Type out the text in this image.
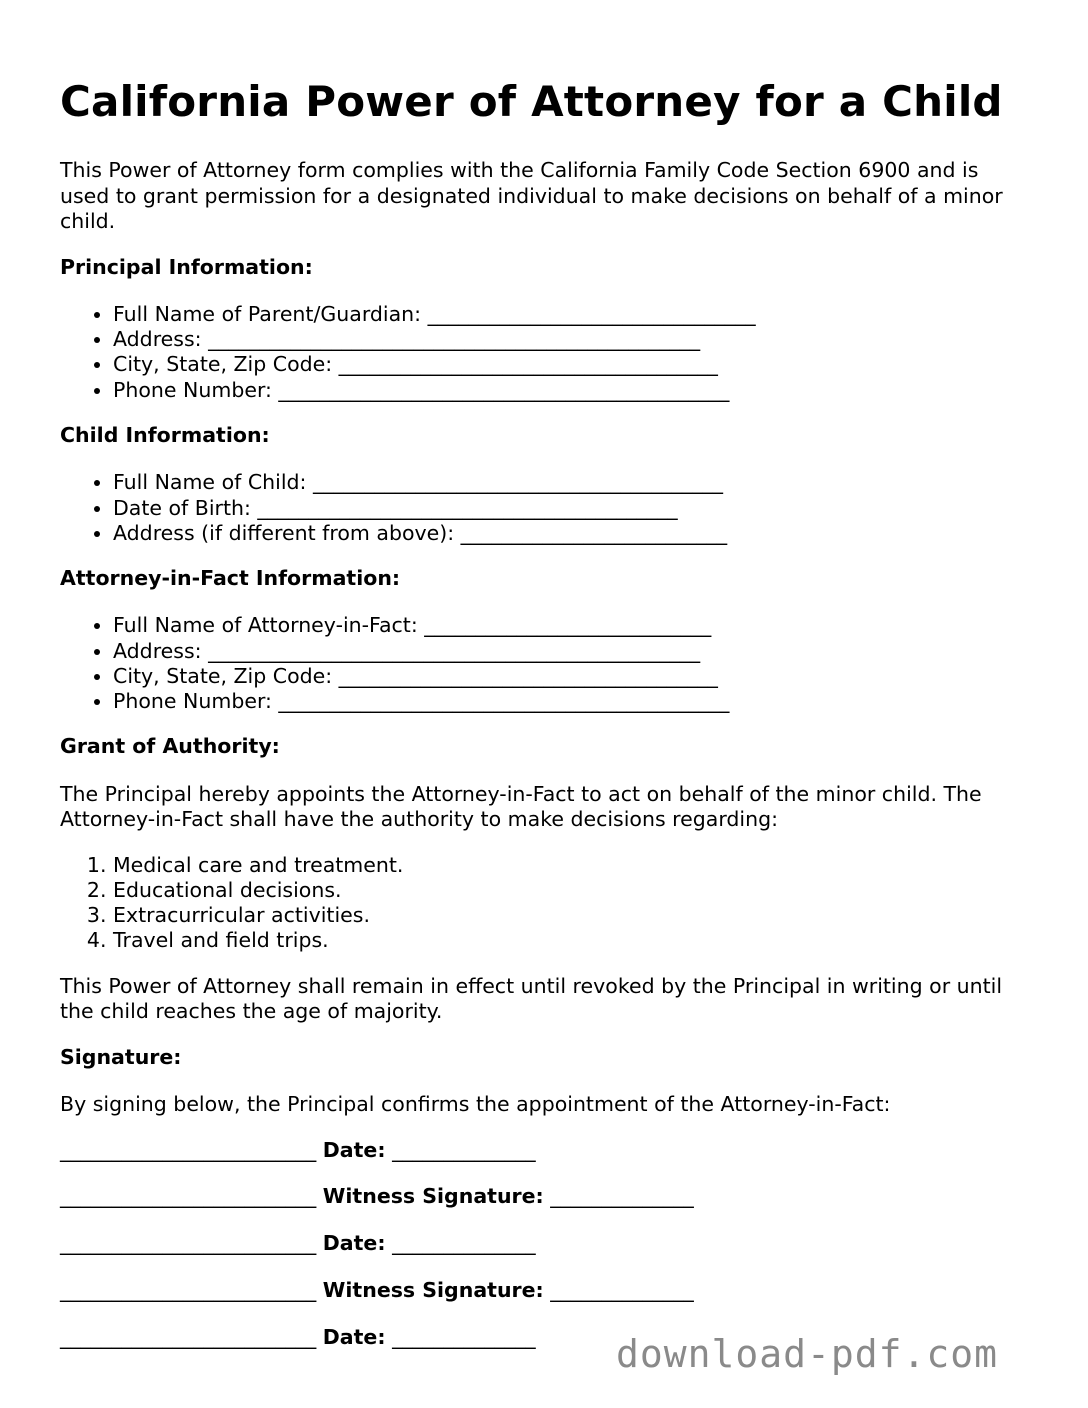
California Power of Attorney for a Child

This Power of Attorney form complies with the California Family Code Section 6900 and is used to grant permission for a designated individual to make decisions on behalf of a minor child.

Principal Information:
• Full Name of Parent/Guardian: ________________________________
• Address: ________________________________________________
• City, State, Zip Code: _____________________________________
• Phone Number: ____________________________________________
Child Information:
• Full Name of Child: ________________________________________
• Date of Birth: _________________________________________
• Address (if different from above): __________________________
Attorney-in-Fact Information:
• Full Name of Attorney-in-Fact: ____________________________
• Address: ________________________________________________
• City, State, Zip Code: _____________________________________
• Phone Number: ____________________________________________
Grant of Authority:

The Principal hereby appoints the Attorney-in-Fact to act on behalf of the minor child. The Attorney-in-Fact shall have the authority to make decisions regarding:

1. Medical care and treatment.
2. Educational decisions.
3. Extracurricular activities.
4. Travel and field trips.

This Power of Attorney shall remain in effect until revoked by the Principal in writing or until the child reaches the age of majority.

Signature:

By signing below, the Principal confirms the appointment of the Attorney-in-Fact:

_________________________ Date: ______________
_________________________ Witness Signature: ______________
_________________________ Date: ______________
_________________________ Witness Signature: ______________
_________________________ Date: ______________	download-pdf.com
